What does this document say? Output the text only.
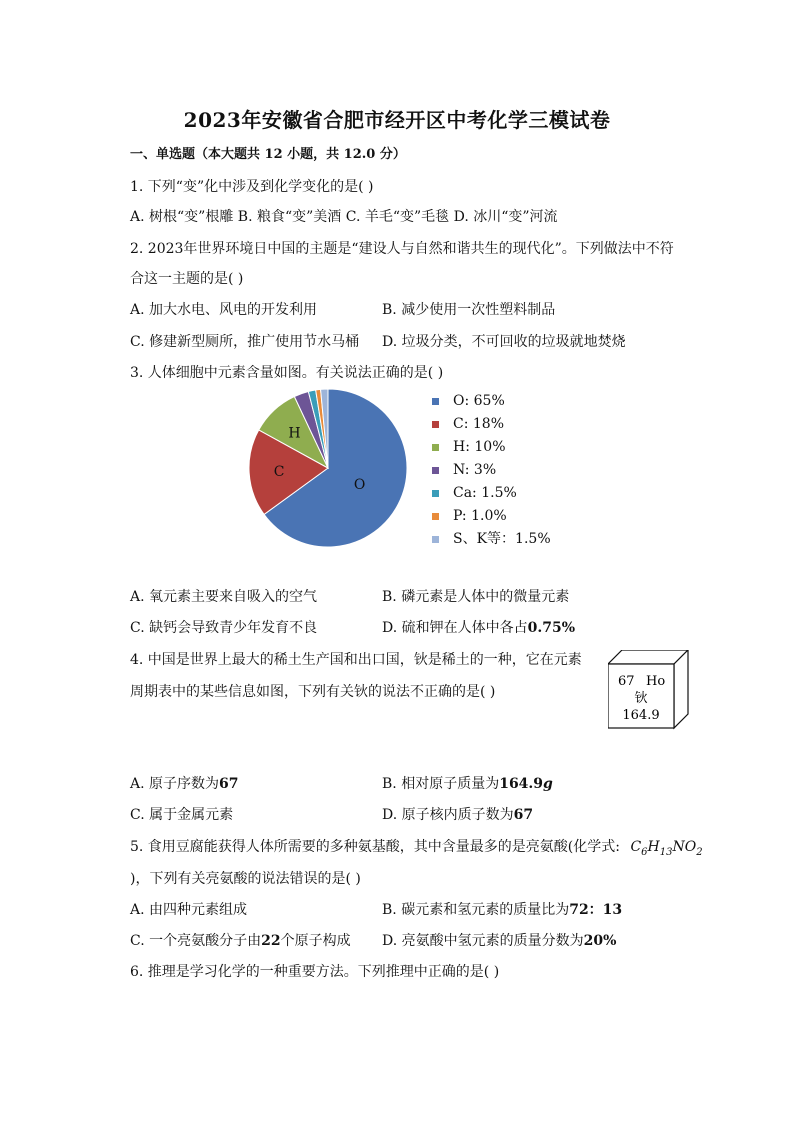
2023年安徽省合肥市经开区中考化学三模试卷
一、单选题（本大题共 12 小题，共 12.0 分）
1. 下列“变”化中涉及到化学变化的是( )
A. 树根“变”根雕 B. 粮食“变”美酒 C. 羊毛“变”毛毯 D. 冰川“变”河流
2. 2023年世界环境日中国的主题是“建设人与自然和谐共生的现代化”。下列做法中不符
合这一主题的是( )
A. 加大水电、风电的开发利用	B. 减少使用一次性塑料制品
C. 修建新型厕所，推广使用节水马桶 D. 垃圾分类，不可回收的垃圾就地焚烧
3. 人体细胞中元素含量如图。有关说法正确的是( )
O
C
H
O: 65%
C: 18%
H: 10%
N: 3%
Ca: 1.5%
P: 1.0%
S、K等：1.5%
A. 氧元素主要来自吸入的空气	B. 磷元素是人体中的微量元素
C. 缺钙会导致青少年发育不良	D. 硫和钾在人体中各占0.75%
4. 中国是世界上最大的稀土生产国和出口国，钬是稀土的一种，它在元素
周期表中的某些信息如图，下列有关钬的说法不正确的是( )
67 Ho
钬
164.9
A. 原子序数为67	B. 相对原子质量为164.9g
C. 属于金属元素	D. 原子核内质子数为67
5. 食用豆腐能获得人体所需要的多种氨基酸，其中含量最多的是亮氨酸(化学式: $C_6H_{13}NO_2$
)，下列有关亮氨酸的说法错误的是( )
A. 由四种元素组成	B. 碳元素和氢元素的质量比为72：13
C. 一个亮氨酸分子由22个原子构成 D. 亮氨酸中氢元素的质量分数为20%
6. 推理是学习化学的一种重要方法。下列推理中正确的是( )
